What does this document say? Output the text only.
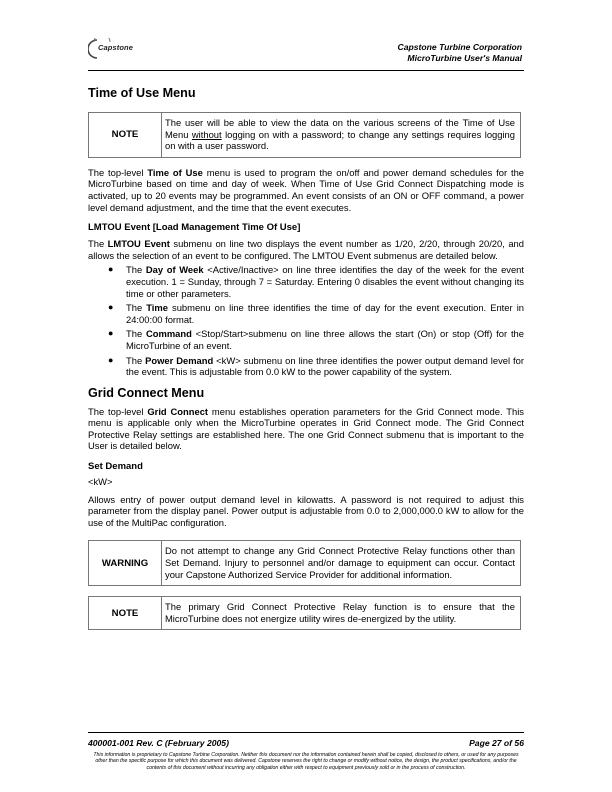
Capstone	Capstone Turbine Corporation
MicroTurbine User's Manual
Time of Use Menu
NOTE
The user will be able to view the data on the various screens of the Time of Use Menu without logging on with a password; to change any settings requires logging on with a user password.

The top-level Time of Use menu is used to program the on/off and power demand schedules for the MicroTurbine based on time and day of week. When Time of Use Grid Connect Dispatching mode is activated, up to 20 events may be programmed. An event consists of an ON or OFF command, a power level demand adjustment, and the time that the event executes.

LMTOU Event [Load Management Time Of Use]

The LMTOU Event submenu on line two displays the event number as 1/20, 2/20, through 20/20, and allows the selection of an event to be configured. The LMTOU Event submenus are detailed below.

● The Day of Week <Active/Inactive> on line three identifies the day of the week for the event execution. 1 = Sunday, through 7 = Saturday. Entering 0 disables the event without changing its time or other parameters.
● The Time submenu on line three identifies the time of day for the event execution. Enter in 24:00:00 format.
● The Command <Stop/Start>submenu on line three allows the start (On) or stop (Off) for the MicroTurbine of an event.
● The Power Demand <kW> submenu on line three identifies the power output demand level for the event. This is adjustable from 0.0 kW to the power capability of the system.
Grid Connect Menu

The top-level Grid Connect menu establishes operation parameters for the Grid Connect mode. This menu is applicable only when the MicroTurbine operates in Grid Connect mode. The Grid Connect Protective Relay settings are established here. The one Grid Connect submenu that is important to the User is detailed below.

Set Demand

<kW>

Allows entry of power output demand level in kilowatts. A password is not required to adjust this parameter from the display panel. Power output is adjustable from 0.0 to 2,000,000.0 kW to allow for the use of the MultiPac configuration.

WARNING
Do not attempt to change any Grid Connect Protective Relay functions other than Set Demand. Injury to personnel and/or damage to equipment can occur. Contact your Capstone Authorized Service Provider for additional information.
NOTE
The primary Grid Connect Protective Relay function is to ensure that the MicroTurbine does not energize utility wires de-energized by the utility.
400001-001 Rev. C (February 2005)	Page 27 of 56
This information is proprietary to Capstone Turbine Corporation. Neither this document nor the information contained herein shall be copied, disclosed to others, or used for any purposes other than the specific purpose for which this document was delivered. Capstone reserves the right to change or modify without notice, the design, the product specifications, and/or the contents of this document without incurring any obligation either with respect to equipment previously sold or in the process of construction.
